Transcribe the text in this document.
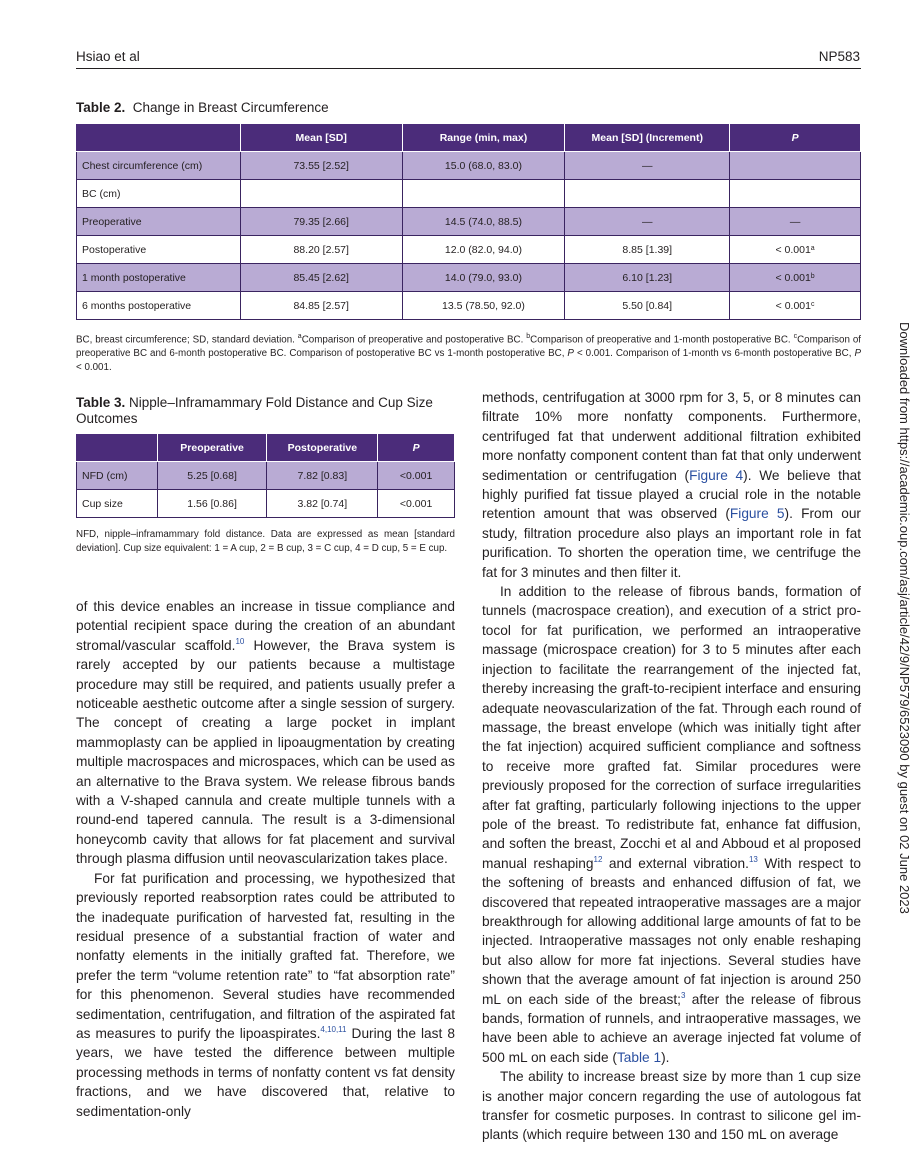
Hsiao et al	NP583
Table 2. Change in Breast Circumference
	Mean [SD]	Range (min, max)	Mean [SD] (Increment)	P
Chest circumference (cm)	73.55 [2.52]	15.0 (68.0, 83.0)	—	
BC (cm)				
Preoperative	79.35 [2.66]	14.5 (74.0, 88.5)	—	—
Postoperative	88.20 [2.57]	12.0 (82.0, 94.0)	8.85 [1.39]	< 0.001$^a$
1 month postoperative	85.45 [2.62]	14.0 (79.0, 93.0)	6.10 [1.23]	< 0.001$^b$
6 months postoperative	84.85 [2.57]	13.5 (78.50, 92.0)	5.50 [0.84]	< 0.001$^c$
BC, breast circumference; SD, standard deviation. $^a$Comparison of preoperative and postoperative BC. $^b$Comparison of preoperative and 1-month postoperative BC. $^c$Comparison of preoperative BC and 6-month postoperative BC. Comparison of postoperative BC vs 1-month postoperative BC, P < 0.001. Comparison of 1-month vs 6-month postoperative BC, P < 0.001.
Table 3. Nipple–Inframammary Fold Distance and Cup Size Outcomes
	Preoperative	Postoperative	P
NFD (cm)	5.25 [0.68]	7.82 [0.83]	<0.001
Cup size	1.56 [0.86]	3.82 [0.74]	<0.001
NFD, nipple–inframammary fold distance. Data are expressed as mean [standard deviation]. Cup size equivalent: 1 = A cup, 2 = B cup, 3 = C cup, 4 = D cup, 5 = E cup.

of this device enables an increase in tissue compliance and potential recipient space during the creation of an abundant stromal/vascular scaffold.$^{10}$ However, the Brava system is rarely accepted by our patients because a multistage procedure may still be required, and patients usually prefer a noticeable aesthetic outcome after a single session of surgery. The concept of creating a large pocket in implant mammoplasty can be applied in lipoaugmentation by creating multiple macrospaces and microspaces, which can be used as an alternative to the Brava system. We release fibrous bands with a V-shaped cannula and create multiple tunnels with a round-end tapered cannula. The result is a 3-dimensional honeycomb cavity that allows for fat placement and survival through plasma diffusion until neovascularization takes place.

For fat purification and processing, we hypothesized that previously reported reabsorption rates could be attributed to the inadequate purification of harvested fat, resulting in the residual presence of a substantial fraction of water and nonfatty elements in the initially grafted fat. Therefore, we prefer the term “volume retention rate” to “fat absorption rate” for this phenomenon. Several studies have recommended sedimentation, centrifugation, and filtration of the aspirated fat as measures to purify the lipoaspirates.$^{4,10,11}$ During the last 8 years, we have tested the difference between multiple processing methods in terms of nonfatty content vs fat density fractions, and we have discovered that, relative to sedimentation-only

methods, centrifugation at 3000 rpm for 3, 5, or 8 minutes can filtrate 10% more nonfatty components. Furthermore, centrifuged fat that underwent additional filtration exhibited more nonfatty component content than fat that only underwent sedimentation or centrifugation (Figure 4). We believe that highly purified fat tissue played a crucial role in the notable retention amount that was observed (Figure 5). From our study, filtration procedure also plays an important role in fat purification. To shorten the operation time, we centrifuge the fat for 3 minutes and then filter it.

In addition to the release of fibrous bands, formation of tunnels (macrospace creation), and execution of a strict protocol for fat purification, we performed an intraoperative massage (microspace creation) for 3 to 5 minutes after each injection to facilitate the rearrangement of the injected fat, thereby increasing the graft-to-recipient interface and ensuring adequate neovascularization of the fat. Through each round of massage, the breast envelope (which was initially tight after the fat injection) acquired sufficient compliance and softness to receive more grafted fat. Similar procedures were previously proposed for the correction of surface irregularities after fat grafting, particularly following injections to the upper pole of the breast. To redistribute fat, enhance fat diffusion, and soften the breast, Zocchi et al and Abboud et al proposed manual reshaping$^{12}$ and external vibration.$^{13}$ With respect to the softening of breasts and enhanced diffusion of fat, we discovered that repeated intraoperative massages are a major breakthrough for allowing additional large amounts of fat to be injected. Intraoperative massages not only enable reshaping but also allow for more fat injections. Several studies have shown that the average amount of fat injection is around 250 mL on each side of the breast;$^3$ after the release of fibrous bands, formation of runnels, and intraoperative massages, we have been able to achieve an average injected fat volume of 500 mL on each side (Table 1).

The ability to increase breast size by more than 1 cup size is another major concern regarding the use of autologous fat transfer for cosmetic purposes. In contrast to silicone gel implants (which require between 130 and 150 mL on average

Downloaded from https://academic.oup.com/asj/article/42/9/NP579/6523090 by guest on 02 June 2023
